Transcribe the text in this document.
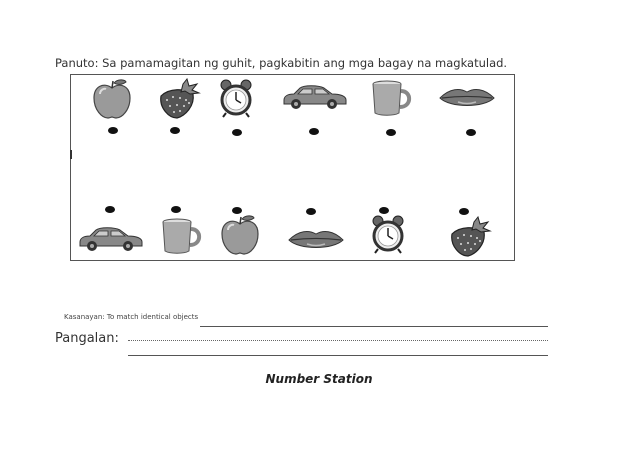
Panuto: Sa pamamagitan ng guhit, pagkabitin ang mga bagay na magkatulad.
Kasanayan: To match identical objects
Pangalan:
Number Station
